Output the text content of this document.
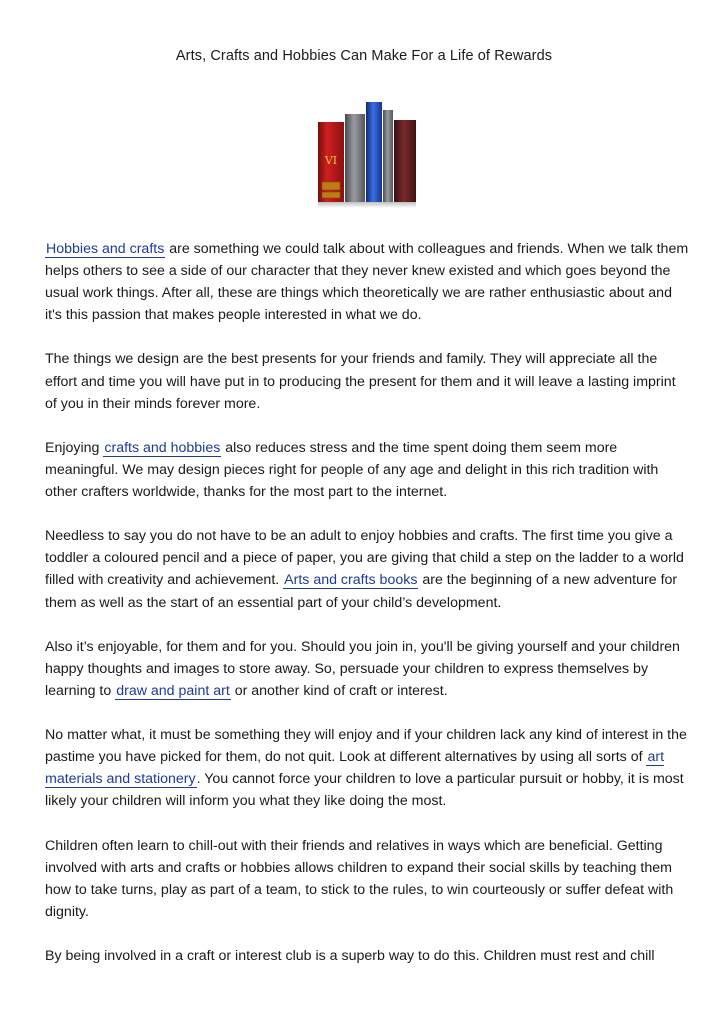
Arts, Crafts and Hobbies Can Make For a Life of Rewards
VI

Hobbies and crafts are something we could talk about with colleagues and friends. When we talk them helps others to see a side of our character that they never knew existed and which goes beyond the usual work things. After all, these are things which theoretically we are rather enthusiastic about and it's this passion that makes people interested in what we do.

The things we design are the best presents for your friends and family. They will appreciate all the effort and time you will have put in to producing the present for them and it will leave a lasting imprint of you in their minds forever more.

Enjoying crafts and hobbies also reduces stress and the time spent doing them seem more meaningful. We may design pieces right for people of any age and delight in this rich tradition with other crafters worldwide, thanks for the most part to the internet.

Needless to say you do not have to be an adult to enjoy hobbies and crafts. The first time you give a toddler a coloured pencil and a piece of paper, you are giving that child a step on the ladder to a world filled with creativity and achievement. Arts and crafts books are the beginning of a new adventure for them as well as the start of an essential part of your child’s development.

Also it’s enjoyable, for them and for you. Should you join in, you'll be giving yourself and your children happy thoughts and images to store away. So, persuade your children to express themselves by learning to draw and paint art or another kind of craft or interest.

No matter what, it must be something they will enjoy and if your children lack any kind of interest in the pastime you have picked for them, do not quit. Look at different alternatives by using all sorts of art materials and stationery. You cannot force your children to love a particular pursuit or hobby, it is most likely your children will inform you what they like doing the most.

Children often learn to chill-out with their friends and relatives in ways which are beneficial. Getting involved with arts and crafts or hobbies allows children to expand their social skills by teaching them how to take turns, play as part of a team, to stick to the rules, to win courteously or suffer defeat with dignity.

By being involved in a craft or interest club is a superb way to do this. Children must rest and chill
